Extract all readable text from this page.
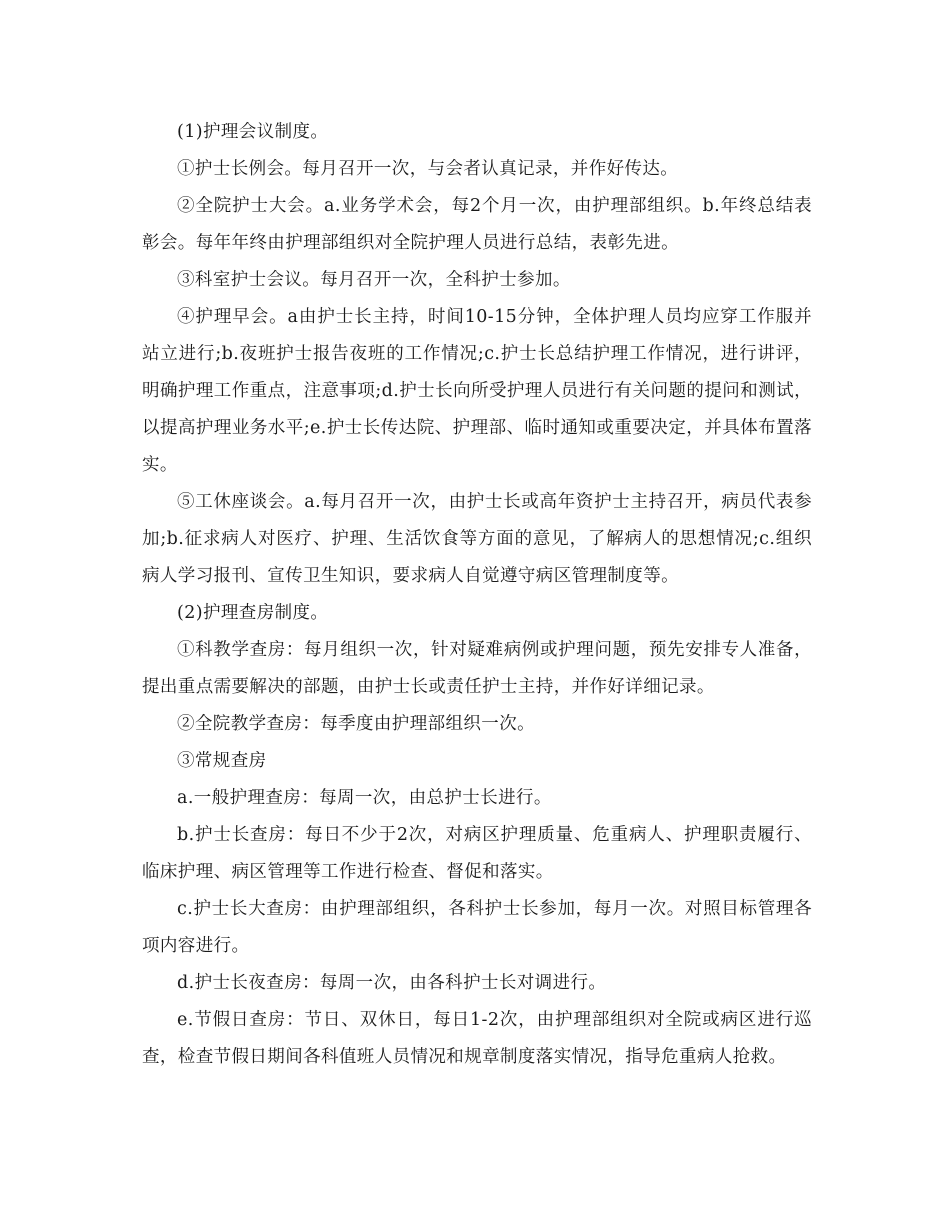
(1)护理会议制度。

①护士长例会。每月召开一次，与会者认真记录，并作好传达。

②全院护士大会。a.业务学术会，每2个月一次，由护理部组织。b.年终总结表彰会。每年年终由护理部组织对全院护理人员进行总结，表彰先进。

③科室护士会议。每月召开一次，全科护士参加。

④护理早会。a由护士长主持，时间10-15分钟，全体护理人员均应穿工作服并站立进行;b.夜班护士报告夜班的工作情况;c.护士长总结护理工作情况，进行讲评，明确护理工作重点，注意事项;d.护士长向所受护理人员进行有关问题的提问和测试，以提高护理业务水平;e.护士长传达院、护理部、临时通知或重要决定，并具体布置落实。

⑤工休座谈会。a.每月召开一次，由护士长或高年资护士主持召开，病员代表参加;b.征求病人对医疗、护理、生活饮食等方面的意见，了解病人的思想情况;c.组织病人学习报刊、宣传卫生知识，要求病人自觉遵守病区管理制度等。

(2)护理查房制度。

①科教学查房：每月组织一次，针对疑难病例或护理问题，预先安排专人准备，提出重点需要解决的部题，由护士长或责任护士主持，并作好详细记录。

②全院教学查房：每季度由护理部组织一次。

③常规查房

a.一般护理查房：每周一次，由总护士长进行。

b.护士长查房：每日不少于2次，对病区护理质量、危重病人、护理职责履行、临床护理、病区管理等工作进行检查、督促和落实。

c.护士长大查房：由护理部组织，各科护士长参加，每月一次。对照目标管理各项内容进行。

d.护士长夜查房：每周一次，由各科护士长对调进行。

e.节假日查房：节日、双休日，每日1-2次，由护理部组织对全院或病区进行巡查，检查节假日期间各科值班人员情况和规章制度落实情况，指导危重病人抢救。
